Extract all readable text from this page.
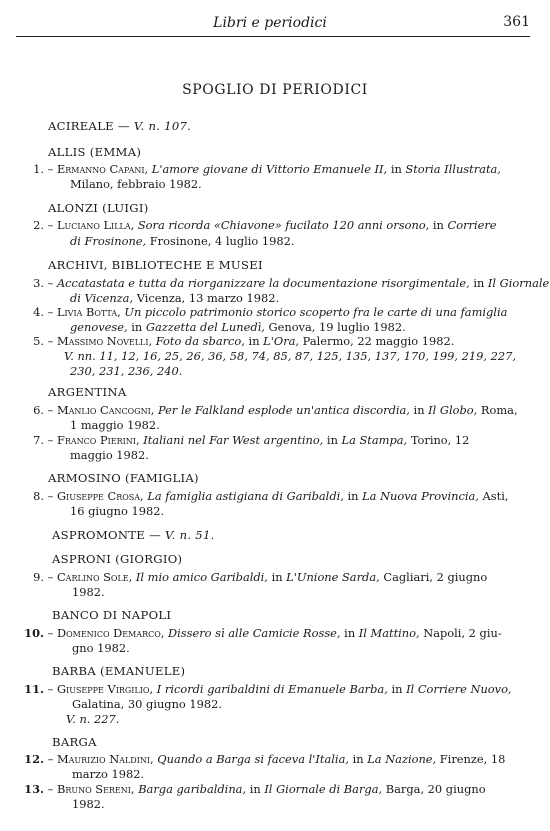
Libri e periodici	361
SPOGLIO DI PERIODICI
ACIREALE — V. n. 107.
ALLIS (EMMA)
1. – Ermanno Capani, L'amore giovane di Vittorio Emanuele II, in Storia Illustrata,
Milano, febbraio 1982.
ALONZI (LUIGI)
2. – Luciano Lilla, Sora ricorda «Chiavone» fucilato 120 anni orsono, in Corriere
di Frosinone, Frosinone, 4 luglio 1982.
ARCHIVI, BIBLIOTECHE E MUSEI
3. – Accatastata e tutta da riorganizzare la documentazione risorgimentale, in Il Giornale
di Vicenza, Vicenza, 13 marzo 1982.
4. – Livia Botta, Un piccolo patrimonio storico scoperto fra le carte di una famiglia
genovese, in Gazzetta del Lunedì, Genova, 19 luglio 1982.
5. – Massimo Novelli, Foto da sbarco, in L'Ora, Palermo, 22 maggio 1982.
V. nn. 11, 12, 16, 25, 26, 36, 58, 74, 85, 87, 125, 135, 137, 170, 199, 219, 227,
230, 231, 236, 240.
ARGENTINA
6. – Manlio Cancogni, Per le Falkland esplode un'antica discordia, in Il Globo, Roma,
1 maggio 1982.
7. – Franco Pierini, Italiani nel Far West argentino, in La Stampa, Torino, 12
maggio 1982.
ARMOSINO (FAMIGLIA)
8. – Giuseppe Crosa, La famiglia astigiana di Garibaldi, in La Nuova Provincia, Asti,
16 giugno 1982.
ASPROMONTE — V. n. 51.
ASPRONI (GIORGIO)
9. – Carlino Sole, Il mio amico Garibaldi, in L'Unione Sarda, Cagliari, 2 giugno
1982.
BANCO DI NAPOLI
10. – Domenico Demarco, Dissero sì alle Camicie Rosse, in Il Mattino, Napoli, 2 giu-
gno 1982.
BARBA (EMANUELE)
11. – Giuseppe Virgilio, I ricordi garibaldini di Emanuele Barba, in Il Corriere Nuovo,
Galatina, 30 giugno 1982.
V. n. 227.
BARGA
12. – Maurizio Naldini, Quando a Barga si faceva l'Italia, in La Nazione, Firenze, 18
marzo 1982.
13. – Bruno Sereni, Barga garibaldina, in Il Giornale di Barga, Barga, 20 giugno
1982.
